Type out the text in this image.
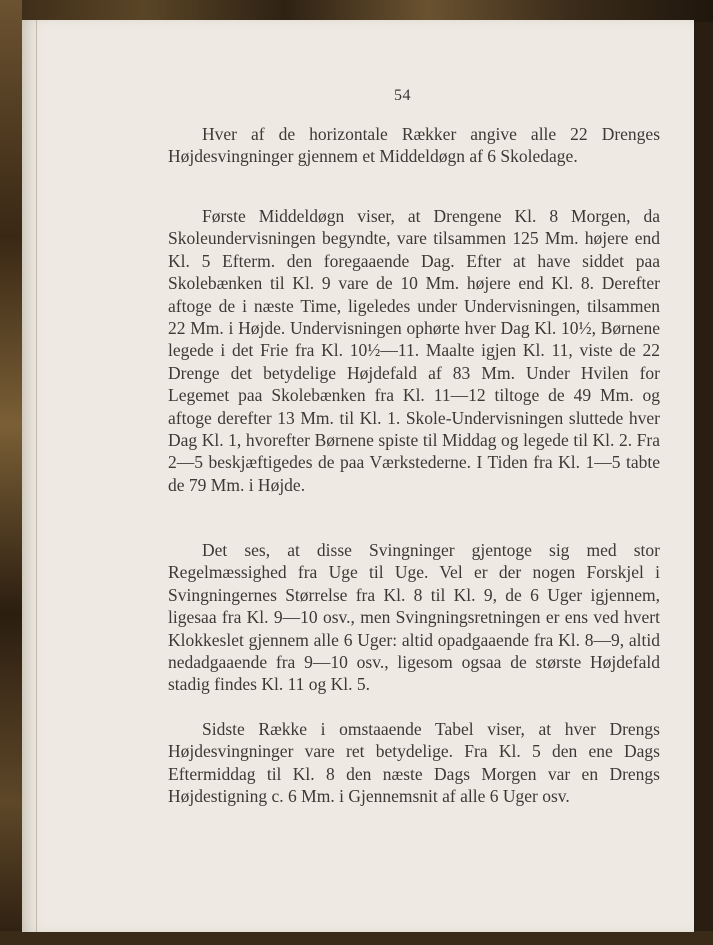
54

Hver af de horizontale Rækker angive alle 22 Drenges Højdesvingninger gjennem et Middeldøgn af 6 Skoledage.

Første Middeldøgn viser, at Drengene Kl. 8 Morgen, da Skoleundervisningen begyndte, vare tilsammen 125 Mm. højere end Kl. 5 Efterm. den foregaaende Dag. Efter at have siddet paa Skolebænken til Kl. 9 vare de 10 Mm. højere end Kl. 8. Derefter aftoge de i næste Time, ligeledes under Undervisningen, tilsammen 22 Mm. i Højde. Undervisningen ophørte hver Dag Kl. 10½, Børnene legede i det Frie fra Kl. 10½—11. Maalte igjen Kl. 11, viste de 22 Drenge det betydelige Højdefald af 83 Mm. Under Hvilen for Legemet paa Skolebænken fra Kl. 11—12 tiltoge de 49 Mm. og aftoge derefter 13 Mm. til Kl. 1. Skole-Undervisningen sluttede hver Dag Kl. 1, hvorefter Børnene spiste til Middag og legede til Kl. 2. Fra 2—5 beskjæftigedes de paa Værkstederne. I Tiden fra Kl. 1—5 tabte de 79 Mm. i Højde.

Det ses, at disse Svingninger gjentoge sig med stor Regelmæssighed fra Uge til Uge. Vel er der nogen Forskjel i Svingningernes Størrelse fra Kl. 8 til Kl. 9, de 6 Uger igjennem, ligesaa fra Kl. 9—10 osv., men Svingningsretningen er ens ved hvert Klokkeslet gjennem alle 6 Uger: altid opadgaaende fra Kl. 8—9, altid nedadgaaende fra 9—10 osv., ligesom ogsaa de største Højdefald stadig findes Kl. 11 og Kl. 5.

Sidste Række i omstaaende Tabel viser, at hver Drengs Højdesvingninger vare ret betydelige. Fra Kl. 5 den ene Dags Eftermiddag til Kl. 8 den næste Dags Morgen var en Drengs Højdestigning c. 6 Mm. i Gjennemsnit af alle 6 Uger osv.
